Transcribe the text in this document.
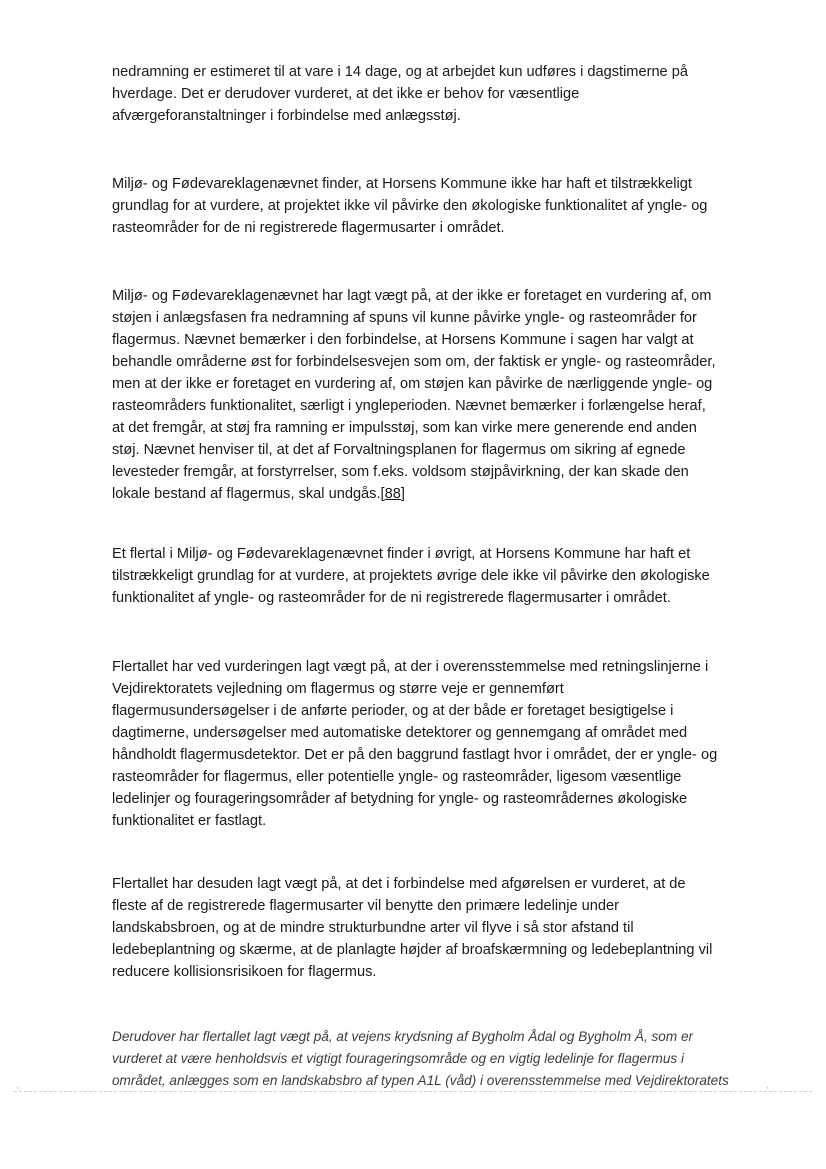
nedramning er estimeret til at vare i 14 dage, og at arbejdet kun udføres i dagstimerne på
hverdage. Det er derudover vurderet, at det ikke er behov for væsentlige
afværgeforanstaltninger i forbindelse med anlægsstøj.

Miljø- og Fødevareklagenævnet finder, at Horsens Kommune ikke har haft et tilstrækkeligt
grundlag for at vurdere, at projektet ikke vil påvirke den økologiske funktionalitet af yngle- og
rasteområder for de ni registrerede flagermusarter i området.

Miljø- og Fødevareklagenævnet har lagt vægt på, at der ikke er foretaget en vurdering af, om
støjen i anlægsfasen fra nedramning af spuns vil kunne påvirke yngle- og rasteområder for
flagermus. Nævnet bemærker i den forbindelse, at Horsens Kommune i sagen har valgt at
behandle områderne øst for forbindelsesvejen som om, der faktisk er yngle- og rasteområder,
men at der ikke er foretaget en vurdering af, om støjen kan påvirke de nærliggende yngle- og
rasteområders funktionalitet, særligt i yngleperioden. Nævnet bemærker i forlængelse heraf,
at det fremgår, at støj fra ramning er impulsstøj, som kan virke mere generende end anden
støj. Nævnet henviser til, at det af Forvaltningsplanen for flagermus om sikring af egnede
levesteder fremgår, at forstyrrelser, som f.eks. voldsom støjpåvirkning, der kan skade den
lokale bestand af flagermus, skal undgås.[88]

Et flertal i Miljø- og Fødevareklagenævnet finder i øvrigt, at Horsens Kommune har haft et
tilstrækkeligt grundlag for at vurdere, at projektets øvrige dele ikke vil påvirke den økologiske
funktionalitet af yngle- og rasteområder for de ni registrerede flagermusarter i området.

Flertallet har ved vurderingen lagt vægt på, at der i overensstemmelse med retningslinjerne i
Vejdirektoratets vejledning om flagermus og større veje er gennemført
flagermusundersøgelser i de anførte perioder, og at der både er foretaget besigtigelse i
dagtimerne, undersøgelser med automatiske detektorer og gennemgang af området med
håndholdt flagermusdetektor. Det er på den baggrund fastlagt hvor i området, der er yngle- og
rasteområder for flagermus, eller potentielle yngle- og rasteområder, ligesom væsentlige
ledelinjer og fourageringsområder af betydning for yngle- og rasteområdernes økologiske
funktionalitet er fastlagt.

Flertallet har desuden lagt vægt på, at det i forbindelse med afgørelsen er vurderet, at de
fleste af de registrerede flagermusarter vil benytte den primære ledelinje under
landskabsbroen, og at de mindre strukturbundne arter vil flyve i så stor afstand til
ledebeplantning og skærme, at de planlagte højder af broafskærmning og ledebeplantning vil
reducere kollisionsrisikoen for flagermus.

Derudover har flertallet lagt vægt på, at vejens krydsning af Bygholm Ådal og Bygholm Å, som er
vurderet at være henholdsvis et vigtigt fourageringsområde og en vigtig ledelinje for flagermus i
området, anlægges som en landskabsbro af typen A1L (våd) i overensstemmelse med Vejdirektoratets

·	·	·
